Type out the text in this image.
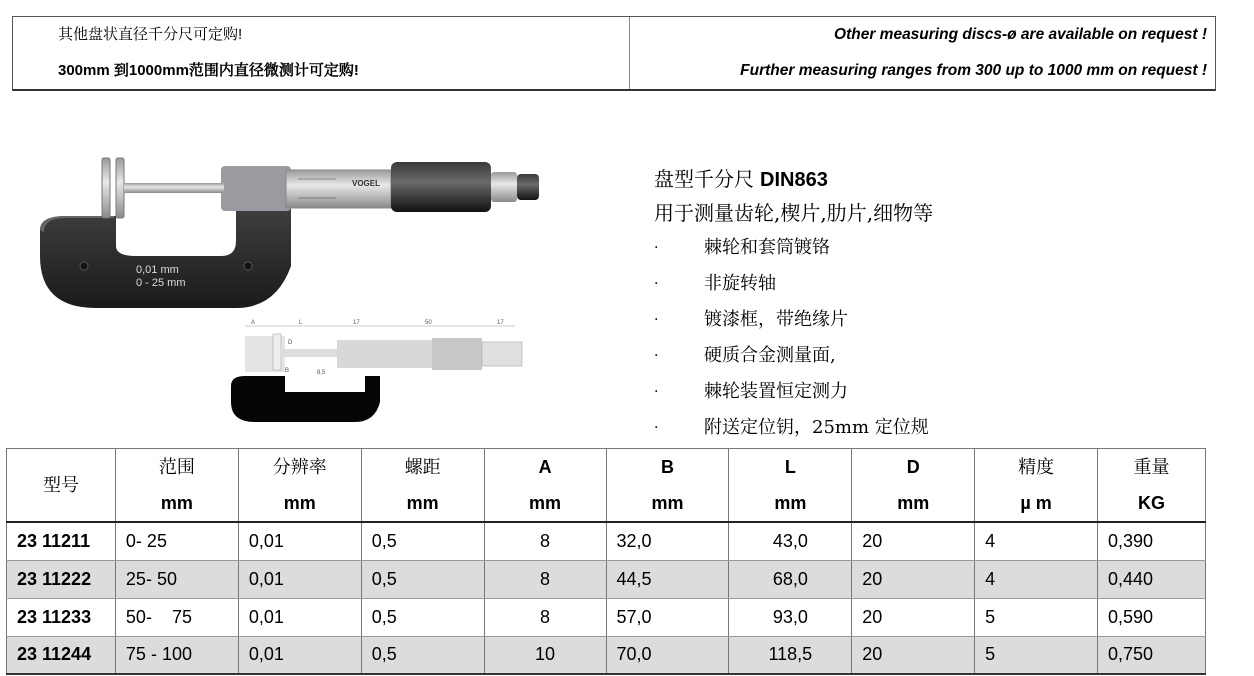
其他盘状直径千分尺可定购!
300mm 到1000mm范围内直径微测计可定购!
Other measuring discs-ø are available on request !
Further measuring ranges from 300 up to 1000 mm on request !
0,01 mm
0 - 25 mm
VOGEL
A	L	17	50	17
D
B	8,5
盘型千分尺 DIN863
用于测量齿轮,楔片,肋片,细物等
·	棘轮和套筒镀铬
·	非旋转轴
·	镀漆框，带绝缘片
·	硬质合金测量面,
·	棘轮装置恒定测力
·	附送定位钥，25mm 定位规
型号	范围	分辨率	螺距	A	B	L	D	精度	重量
	mm	mm	mm	mm	mm	mm	mm	µ m	KG
23 11211	0- 25	0,01	0,5	8	32,0	43,0	20	4	0,390
23 11222	25- 50	0,01	0,5	8	44,5	68,0	20	4	0,440
23 11233	50-    75	0,01	0,5	8	57,0	93,0	20	5	0,590
23 11244	75 - 100	0,01	0,5	10	70,0	118,5	20	5	0,750
